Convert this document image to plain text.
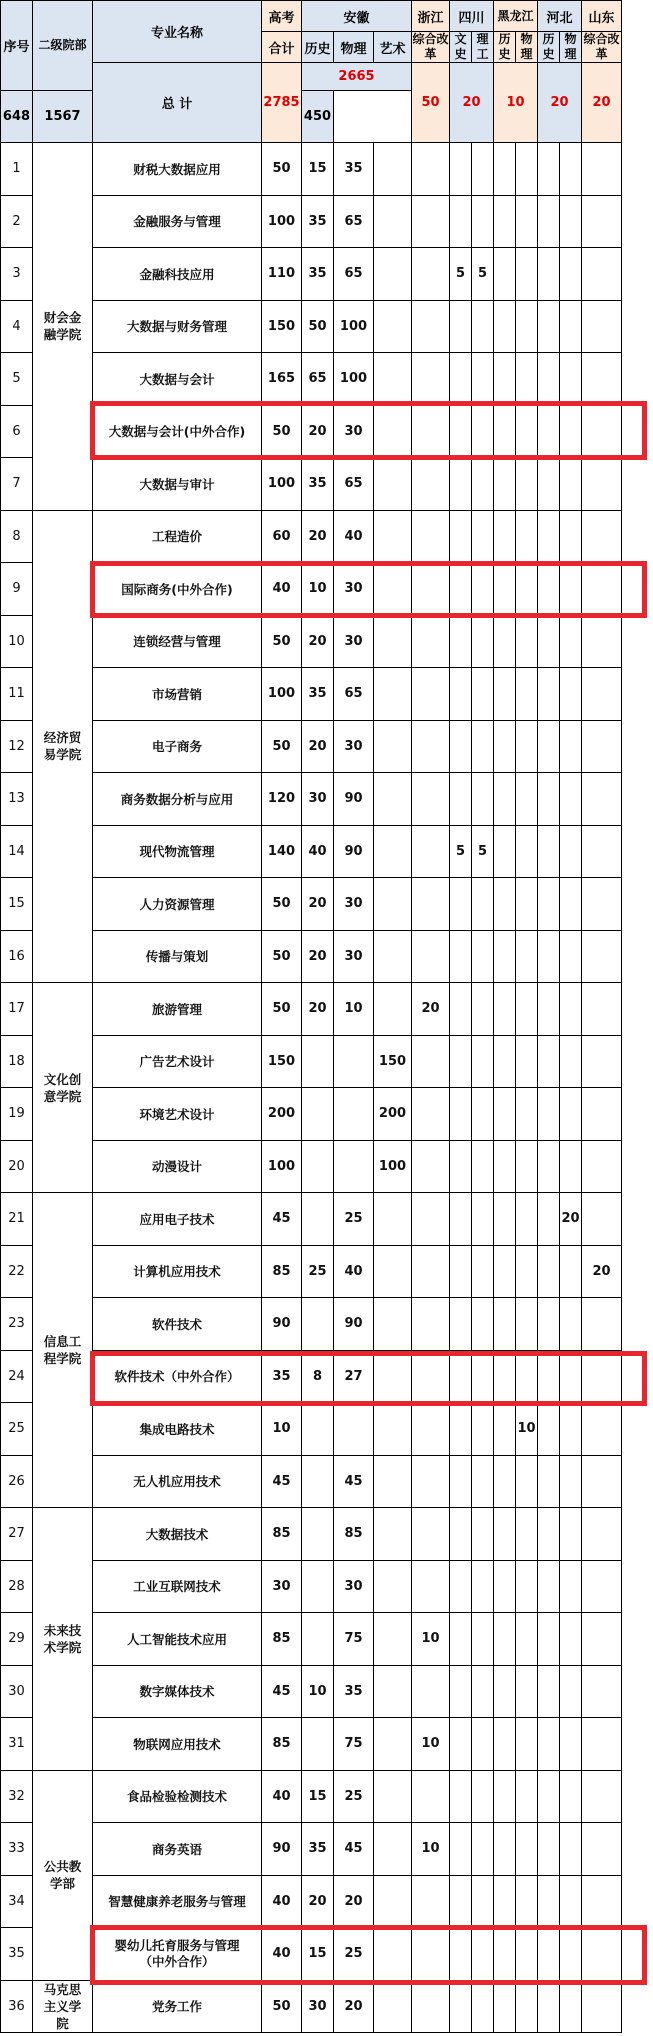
序号	二级院部	专业名称	高考	安徽			浙江	四川		黑龙江		河北		山东
			合计	历史	物理	艺术	综合改革	文史	理工	历史	物理	历史	物理	综合改革
		总 计	2785	2665			50	20		10		20		20
648	1567			450										
1	财会金融学院	财税大数据应用	50	15	35									
2		金融服务与管理	100	35	65									
3		金融科技应用	110	35	65			5	5					
4		大数据与财务管理	150	50	100									
5		大数据与会计	165	65	100									
6		大数据与会计(中外合作)	50	20	30									
7		大数据与审计	100	35	65									
8	经济贸易学院	工程造价	60	20	40									
9		国际商务(中外合作)	40	10	30									
10		连锁经营与管理	50	20	30									
11		市场营销	100	35	65									
12		电子商务	50	20	30									
13		商务数据分析与应用	120	30	90									
14		现代物流管理	140	40	90			5	5					
15		人力资源管理	50	20	30									
16		传播与策划	50	20	30									
17	文化创意学院	旅游管理	50	20	10		20							
18		广告艺术设计	150			150								
19		环境艺术设计	200			200								
20		动漫设计	100			100								
21	信息工程学院	应用电子技术	45		25								20	
22		计算机应用技术	85	25	40									20
23		软件技术	90		90									
24		软件技术（中外合作）	35	8	27									
25		集成电路技术	10								10			
26		无人机应用技术	45		45									
27	未来技术学院	大数据技术	85		85									
28		工业互联网技术	30		30									
29		人工智能技术应用	85		75		10							
30		数字媒体技术	45	10	35									
31		物联网应用技术	85		75		10							
32	公共教学部	食品检验检测技术	40	15	25									
33		商务英语	90	35	45		10							
34		智慧健康养老服务与管理	40	20	20									
35		婴幼儿托育服务与管理（中外合作）	40	15	25									
36	马克思主义学院	党务工作	50	30	20									
